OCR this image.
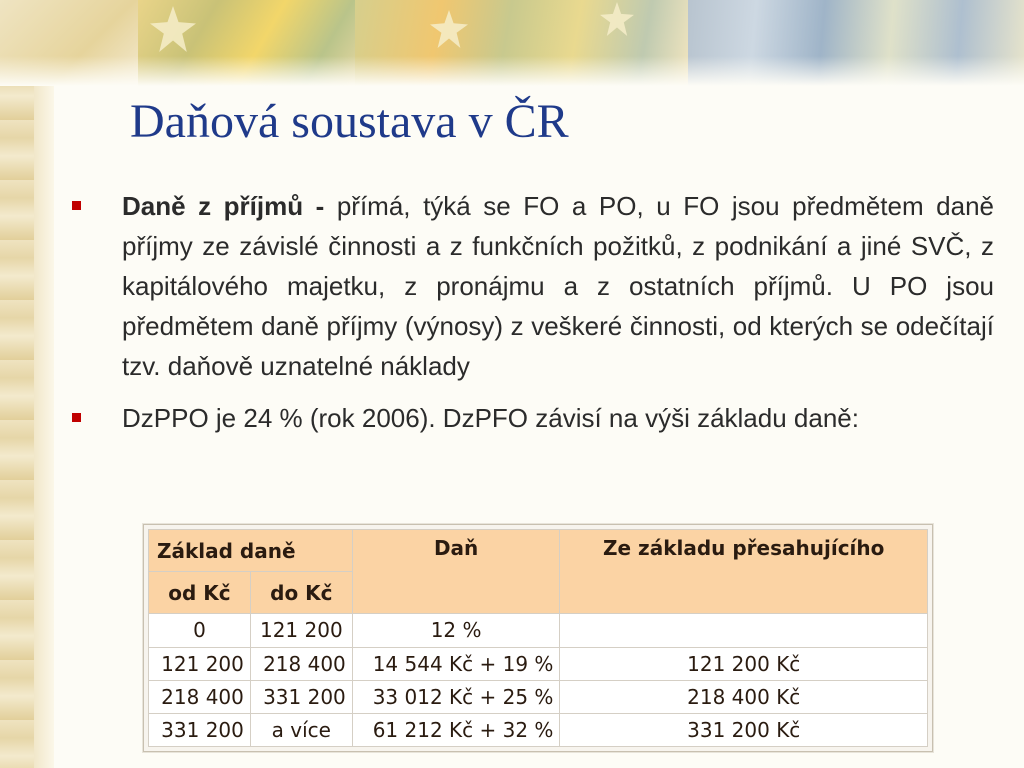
Daňová soustava v ČR
Daně z příjmů - přímá, týká se FO a PO, u FO jsou předmětem daně příjmy ze závislé činnosti a z funkčních požitků, z podnikání a jiné SVČ, z kapitálového majetku, z pronájmu a z ostatních příjmů. U PO jsou předmětem daně příjmy (výnosy) z veškeré činnosti, od kterých se odečítají tzv. daňově uznatelné náklady
DzPPO je 24 % (rok 2006). DzPFO závisí na výši základu daně:
Základ daně		Daň	Ze základu přesahujícího
od Kč	do Kč		
0	121 200	12 %	
121 200	218 400	14 544 Kč + 19 %	121 200 Kč
218 400	331 200	33 012 Kč + 25 %	218 400 Kč
331 200	a více	61 212 Kč + 32 %	331 200 Kč
